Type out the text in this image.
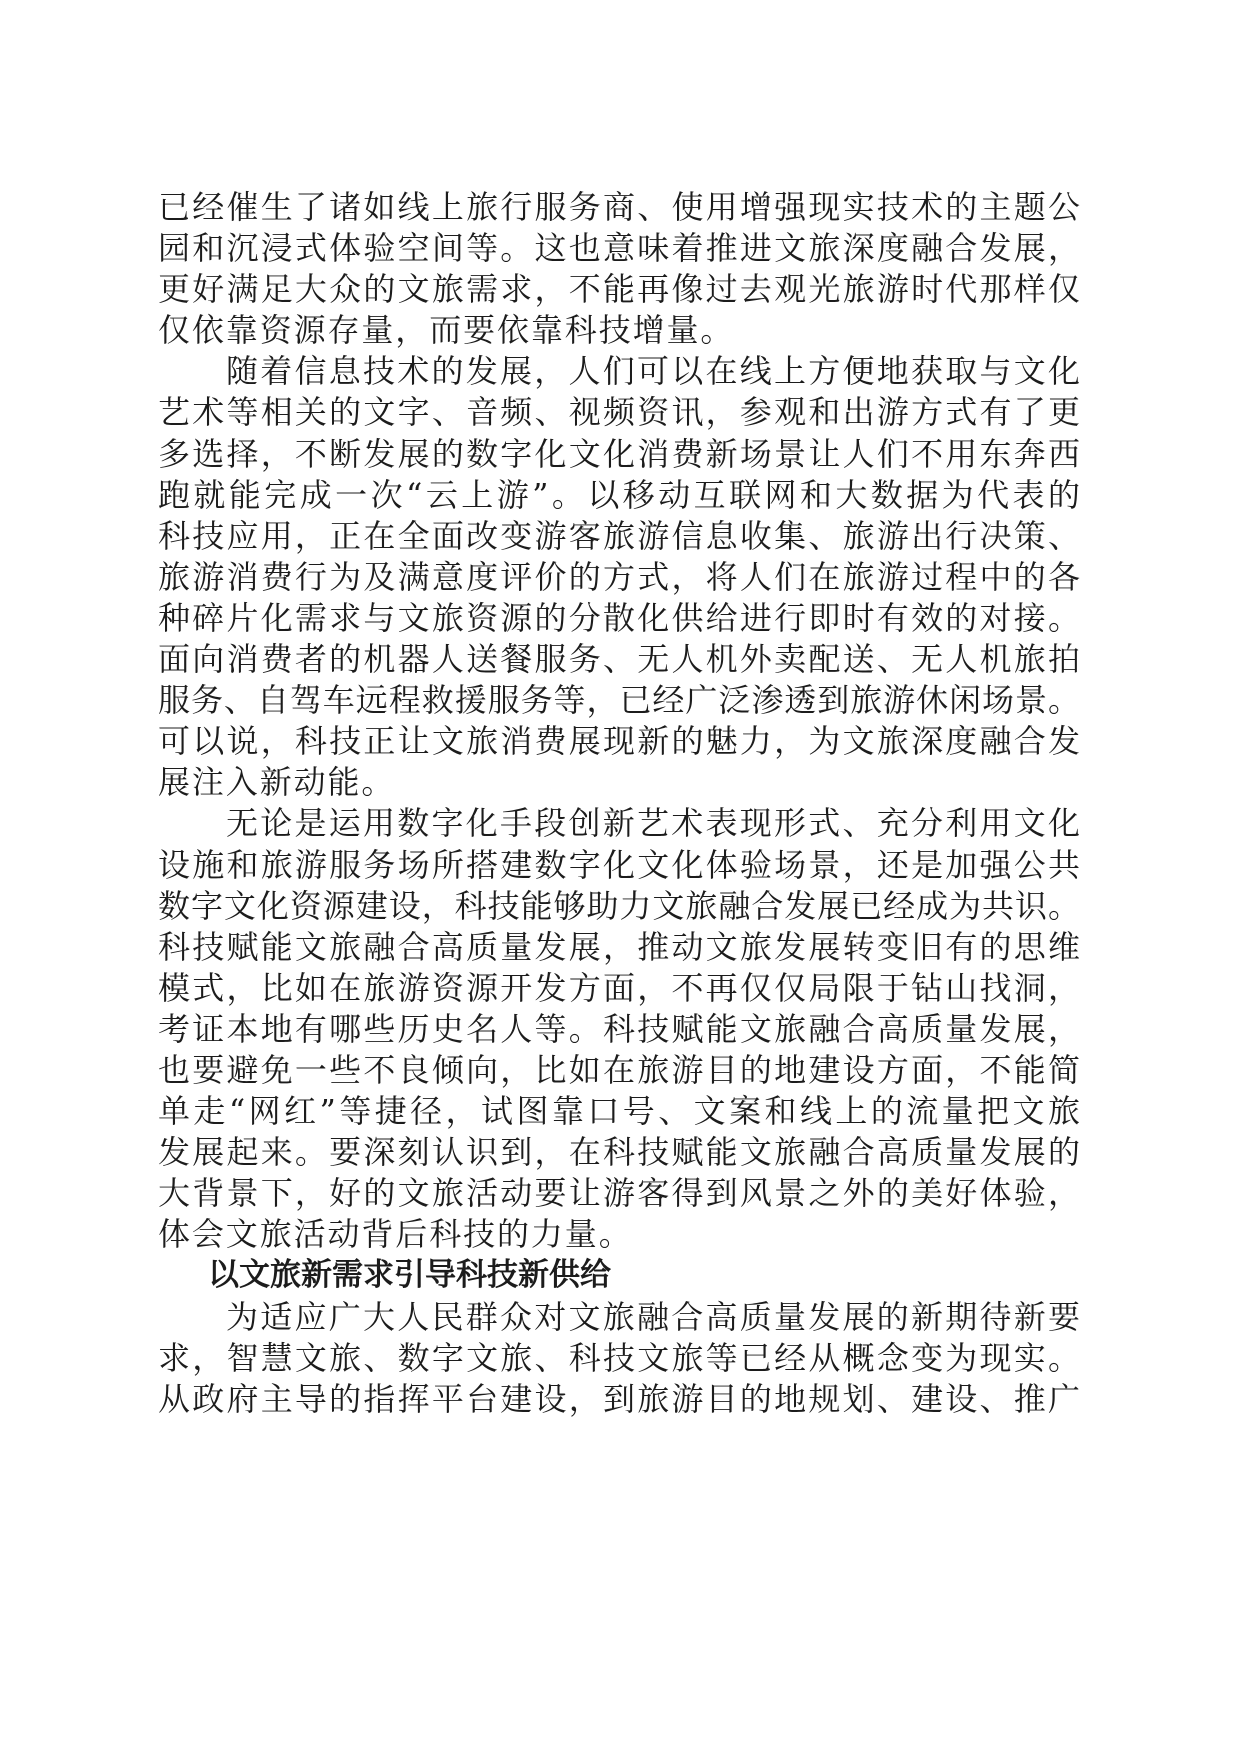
已经催生了诸如线上旅行服务商、使用增强现实技术的主题公
园和沉浸式体验空间等。这也意味着推进文旅深度融合发展，
更好满足大众的文旅需求，不能再像过去观光旅游时代那样仅
仅依靠资源存量，而要依靠科技增量。
随着信息技术的发展，人们可以在线上方便地获取与文化
艺术等相关的文字、音频、视频资讯，参观和出游方式有了更
多选择，不断发展的数字化文化消费新场景让人们不用东奔西
跑就能完成一次“云上游”。以移动互联网和大数据为代表的
科技应用，正在全面改变游客旅游信息收集、旅游出行决策、
旅游消费行为及满意度评价的方式，将人们在旅游过程中的各
种碎片化需求与文旅资源的分散化供给进行即时有效的对接。
面向消费者的机器人送餐服务、无人机外卖配送、无人机旅拍
服务、自驾车远程救援服务等，已经广泛渗透到旅游休闲场景。
可以说，科技正让文旅消费展现新的魅力，为文旅深度融合发
展注入新动能。
无论是运用数字化手段创新艺术表现形式、充分利用文化
设施和旅游服务场所搭建数字化文化体验场景，还是加强公共
数字文化资源建设，科技能够助力文旅融合发展已经成为共识。
科技赋能文旅融合高质量发展，推动文旅发展转变旧有的思维
模式，比如在旅游资源开发方面，不再仅仅局限于钻山找洞，
考证本地有哪些历史名人等。科技赋能文旅融合高质量发展，
也要避免一些不良倾向，比如在旅游目的地建设方面，不能简
单走“网红”等捷径，试图靠口号、文案和线上的流量把文旅
发展起来。要深刻认识到，在科技赋能文旅融合高质量发展的
大背景下，好的文旅活动要让游客得到风景之外的美好体验，
体会文旅活动背后科技的力量。
以文旅新需求引导科技新供给
为适应广大人民群众对文旅融合高质量发展的新期待新要
求，智慧文旅、数字文旅、科技文旅等已经从概念变为现实。
从政府主导的指挥平台建设，到旅游目的地规划、建设、推广
